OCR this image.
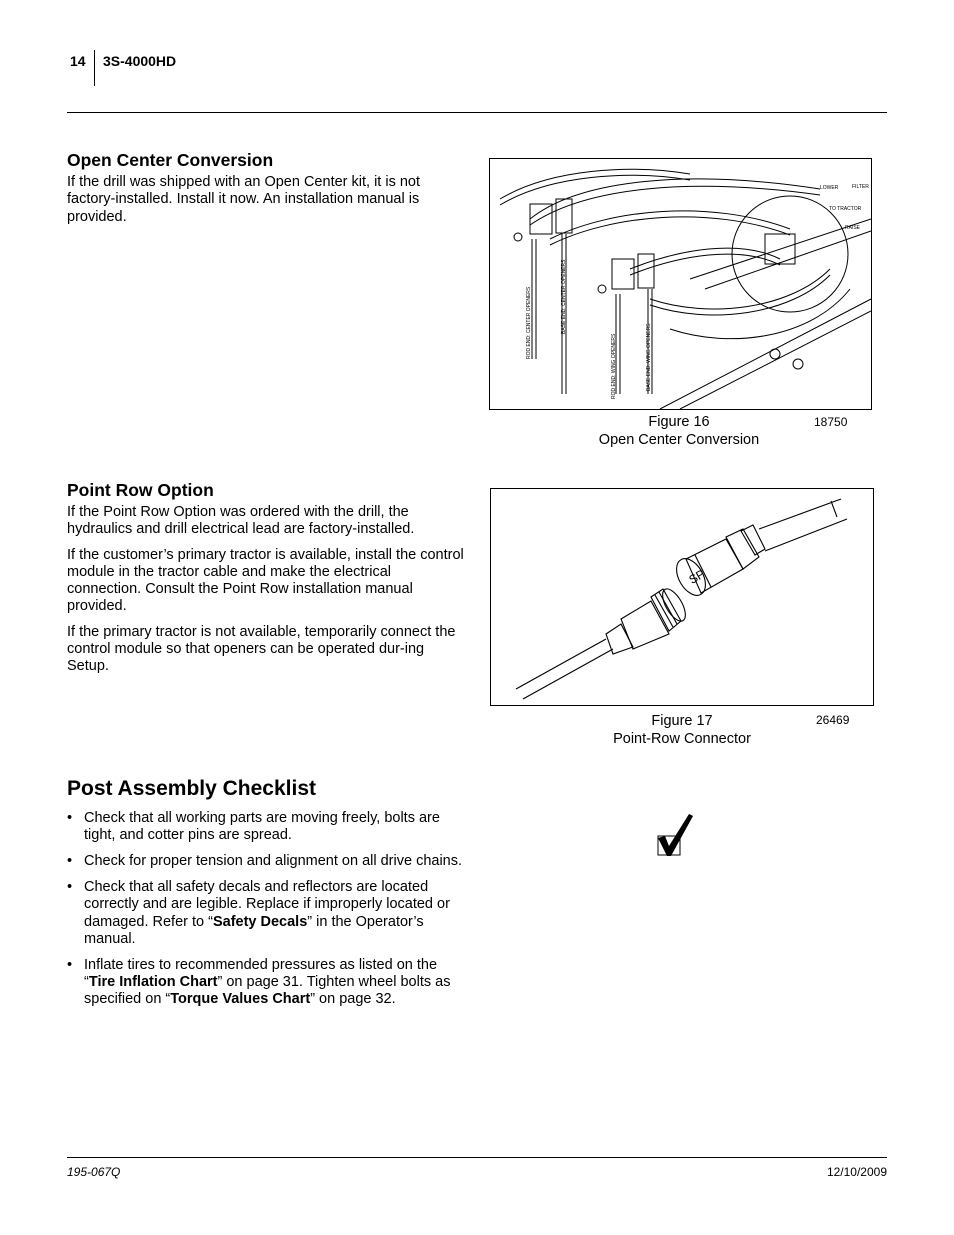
14 3S-4000HD
Open Center Conversion

If the drill was shipped with an Open Center kit, it is not factory-installed. Install it now. An installation manual is provided.

LOWER	FILTER
TO TRACTOR
RAISE
ROD END: CENTER OPENERS	BASE END: CENTER OPENERS
ROD END: WING OPENERS	BASE END: WING OPENERS
Figure 16
Open Center Conversion
18750
Point Row Option

If the Point Row Option was ordered with the drill, the hydraulics and drill electrical lead are factory-installed.

If the customer’s primary tractor is available, install the control module in the tractor cable and make the electrical connection. Consult the Point Row installation manual provided.

If the primary tractor is not available, temporarily connect the control module so that openers can be operated dur-ing Setup.

SP
Figure 17
Point-Row Connector
26469
Post Assembly Checklist
• Check that all working parts are moving freely, bolts are tight, and cotter pins are spread.
• Check for proper tension and alignment on all drive chains.
• Check that all safety decals and reflectors are located correctly and are legible. Replace if improperly located or damaged. Refer to “Safety Decals” in the Operator’s manual.
• Inflate tires to recommended pressures as listed on the “Tire Inflation Chart” on page 31. Tighten wheel bolts as specified on “Torque Values Chart” on page 32.
195-067Q	12/10/2009
